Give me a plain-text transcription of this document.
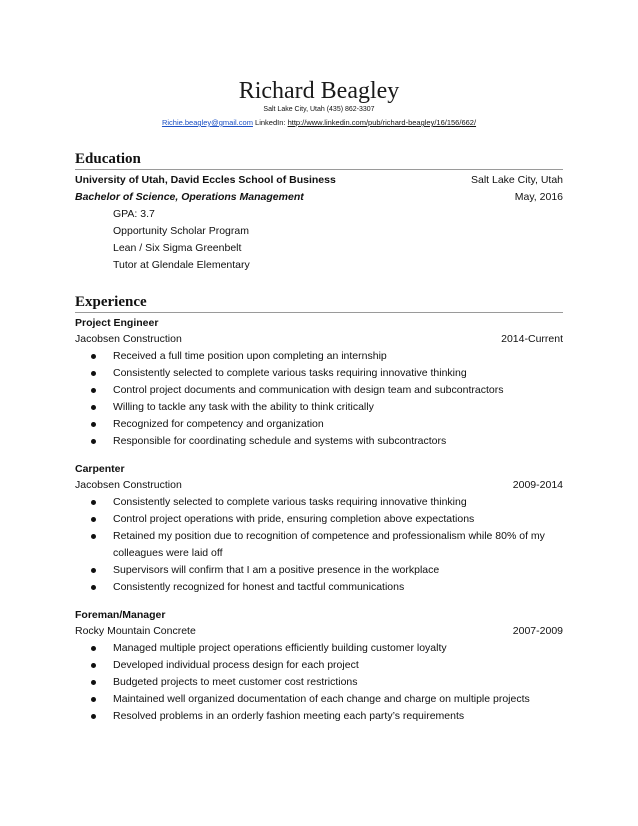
Richard Beagley
Salt Lake City, Utah (435) 862-3307
Richie.beagley@gmail.com LinkedIn: http://www.linkedin.com/pub/richard-beagley/16/156/662/
Education
University of Utah, David Eccles School of Business	Salt Lake City, Utah
Bachelor of Science, Operations Management	May, 2016
GPA: 3.7
Opportunity Scholar Program
Lean / Six Sigma Greenbelt
Tutor at Glendale Elementary
Experience
Project Engineer
Jacobsen Construction	2014-Current
Received a full time position upon completing an internship
Consistently selected to complete various tasks requiring innovative thinking
Control project documents and communication with design team and subcontractors
Willing to tackle any task with the ability to think critically
Recognized for competency and organization
Responsible for coordinating schedule and systems with subcontractors
Carpenter
Jacobsen Construction	2009-2014
Consistently selected to complete various tasks requiring innovative thinking
Control project operations with pride, ensuring completion above expectations
Retained my position due to recognition of competence and professionalism while 80% of my colleagues were laid off
Supervisors will confirm that I am a positive presence in the workplace
Consistently recognized for honest and tactful communications
Foreman/Manager
Rocky Mountain Concrete	2007-2009
Managed multiple project operations efficiently building customer loyalty
Developed individual process design for each project
Budgeted projects to meet customer cost restrictions
Maintained well organized documentation of each change and charge on multiple projects
Resolved problems in an orderly fashion meeting each party’s requirements
